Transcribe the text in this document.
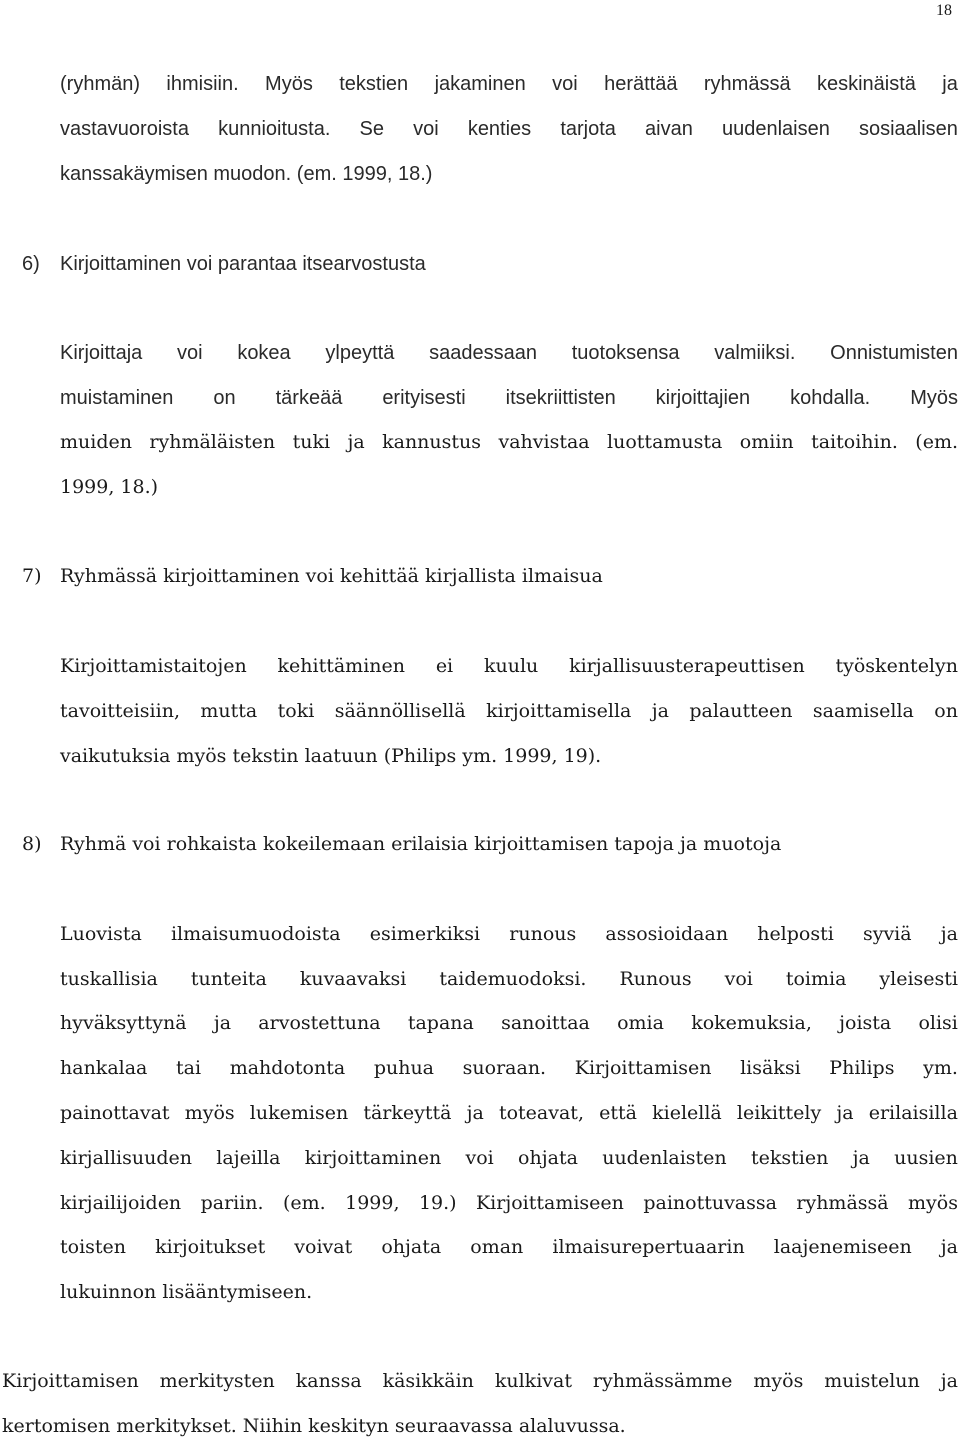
18

(ryhmän) ihmisiin. Myös tekstien jakaminen voi herättää ryhmässä keskinäistä ja

vastavuoroista kunnioitusta. Se voi kenties tarjota aivan uudenlaisen sosiaalisen

kanssakäymisen muodon. (em. 1999, 18.)

6) Kirjoittaminen voi parantaa itsearvostusta

Kirjoittaja voi kokea ylpeyttä saadessaan tuotoksensa valmiiksi. Onnistumisten

muistaminen on tärkeää erityisesti itsekriittisten kirjoittajien kohdalla. Myös

muiden ryhmäläisten tuki ja kannustus vahvistaa luottamusta omiin taitoihin. (em.

1999, 18.)

7) Ryhmässä kirjoittaminen voi kehittää kirjallista ilmaisua

Kirjoittamistaitojen kehittäminen ei kuulu kirjallisuusterapeuttisen työskentelyn

tavoitteisiin, mutta toki säännöllisellä kirjoittamisella ja palautteen saamisella on

vaikutuksia myös tekstin laatuun (Philips ym. 1999, 19).

8) Ryhmä voi rohkaista kokeilemaan erilaisia kirjoittamisen tapoja ja muotoja

Luovista ilmaisumuodoista esimerkiksi runous assosioidaan helposti syviä ja

tuskallisia tunteita kuvaavaksi taidemuodoksi. Runous voi toimia yleisesti

hyväksyttynä ja arvostettuna tapana sanoittaa omia kokemuksia, joista olisi

hankalaa tai mahdotonta puhua suoraan. Kirjoittamisen lisäksi Philips ym.

painottavat myös lukemisen tärkeyttä ja toteavat, että kielellä leikittely ja erilaisilla

kirjallisuuden lajeilla kirjoittaminen voi ohjata uudenlaisten tekstien ja uusien

kirjailijoiden pariin. (em. 1999, 19.) Kirjoittamiseen painottuvassa ryhmässä myös

toisten kirjoitukset voivat ohjata oman ilmaisurepertuaarin laajenemiseen ja

lukuinnon lisääntymiseen.

Kirjoittamisen merkitysten kanssa käsikkäin kulkivat ryhmässämme myös muistelun ja

kertomisen merkitykset. Niihin keskityn seuraavassa alaluvussa.
